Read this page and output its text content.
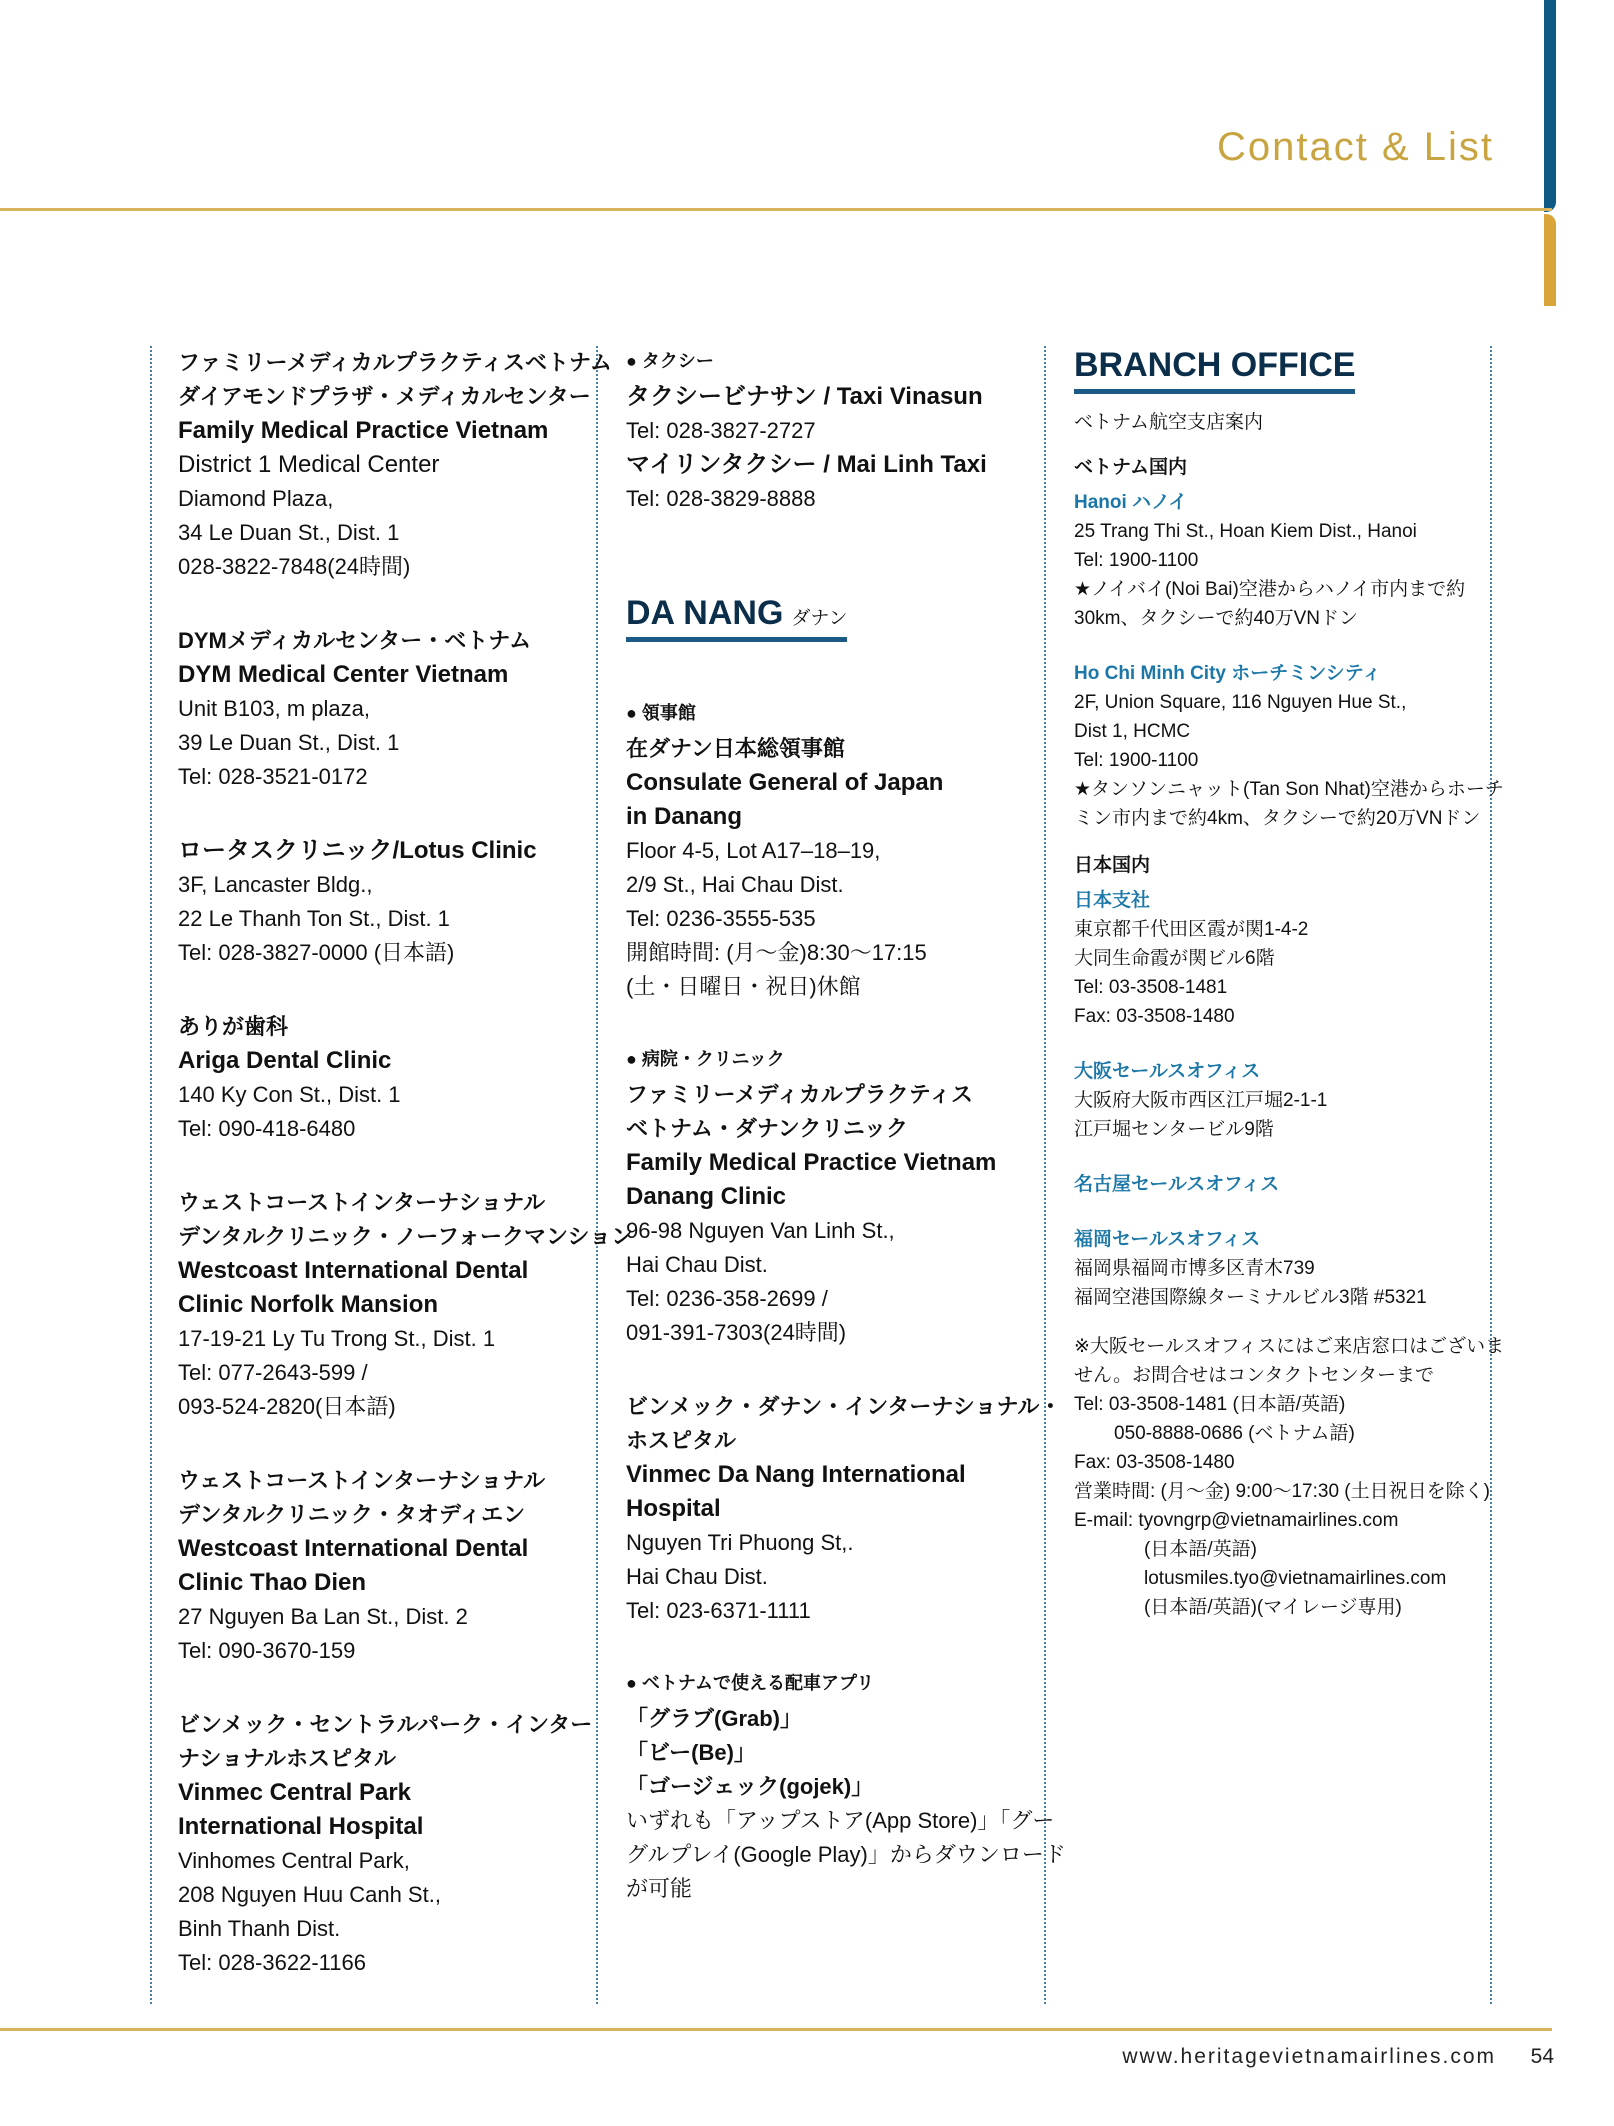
Contact & List
ファミリーメディカルプラクティスベトナム
ダイアモンドプラザ・メディカルセンター
Family Medical Practice Vietnam
District 1 Medical Center
Diamond Plaza,
34 Le Duan St., Dist. 1
028-3822-7848(24時間)
DYMメディカルセンター・ベトナム
DYM Medical Center Vietnam
Unit B103, m plaza,
39 Le Duan St., Dist. 1
Tel: 028-3521-0172
ロータスクリニック/Lotus Clinic
3F, Lancaster Bldg.,
22 Le Thanh Ton St., Dist. 1
Tel: 028-3827-0000 (日本語)
ありが歯科
Ariga Dental Clinic
140 Ky Con St., Dist. 1
Tel: 090-418-6480
ウェストコーストインターナショナル
デンタルクリニック・ノーフォークマンション
Westcoast International Dental
Clinic Norfolk Mansion
17-19-21 Ly Tu Trong St., Dist. 1
Tel: 077-2643-599 /
093-524-2820(日本語)
ウェストコーストインターナショナル
デンタルクリニック・タオディエン
Westcoast International Dental
Clinic Thao Dien
27 Nguyen Ba Lan St., Dist. 2
Tel: 090-3670-159
ビンメック・セントラルパーク・インター
ナショナルホスピタル
Vinmec Central Park
International Hospital
Vinhomes Central Park,
208 Nguyen Huu Canh St.,
Binh Thanh Dist.
Tel: 028-3622-1166
● タクシー
タクシービナサン / Taxi Vinasun
Tel: 028-3827-2727
マイリンタクシー / Mai Linh Taxi
Tel: 028-3829-8888
DA NANG ダナン
● 領事館
在ダナン日本総領事館
Consulate General of Japan
in Danang
Floor 4-5, Lot A17–18–19,
2/9 St., Hai Chau Dist.
Tel: 0236-3555-535
開館時間: (月〜金)8:30〜17:15
(土・日曜日・祝日)休館
● 病院・クリニック
ファミリーメディカルプラクティス
ベトナム・ダナンクリニック
Family Medical Practice Vietnam
Danang Clinic
96-98 Nguyen Van Linh St.,
Hai Chau Dist.
Tel: 0236-358-2699 /
091-391-7303(24時間)
ビンメック・ダナン・インターナショナル・
ホスピタル
Vinmec Da Nang International
Hospital
Nguyen Tri Phuong St,.
Hai Chau Dist.
Tel: 023-6371-1111
● ベトナムで使える配車アプリ
「グラブ(Grab)」
「ビー(Be)」
「ゴージェック(gojek)」
いずれも「アップストア(App Store)」「グー
グルプレイ(Google Play)」からダウンロード
が可能
BRANCH OFFICE
ベトナム航空支店案内
ベトナム国内
Hanoi ハノイ
25 Trang Thi St., Hoan Kiem Dist., Hanoi
Tel: 1900-1100
★ノイバイ(Noi Bai)空港からハノイ市内まで約
30km、タクシーで約40万VNドン
Ho Chi Minh City ホーチミンシティ
2F, Union Square, 116 Nguyen Hue St.,
Dist 1, HCMC
Tel: 1900-1100
★タンソンニャット(Tan Son Nhat)空港からホーチ
ミン市内まで約4km、タクシーで約20万VNドン
日本国内
日本支社
東京都千代田区霞が関1-4-2
大同生命霞が関ビル6階
Tel: 03-3508-1481
Fax: 03-3508-1480
大阪セールスオフィス
大阪府大阪市西区江戸堀2-1-1
江戸堀センタービル9階
名古屋セールスオフィス
福岡セールスオフィス
福岡県福岡市博多区青木739
福岡空港国際線ターミナルビル3階 #5321
※大阪セールスオフィスにはご来店窓口はございま
せん。お問合せはコンタクトセンターまで
Tel: 03-3508-1481 (日本語/英語)
050-8888-0686 (ベトナム語)
Fax: 03-3508-1480
営業時間: (月〜金) 9:00〜17:30 (土日祝日を除く)
E-mail: tyovngrp@vietnamairlines.com
(日本語/英語)
lotusmiles.tyo@vietnamairlines.com
(日本語/英語)(マイレージ専用)
www.heritagevietnamairlines.com 54
